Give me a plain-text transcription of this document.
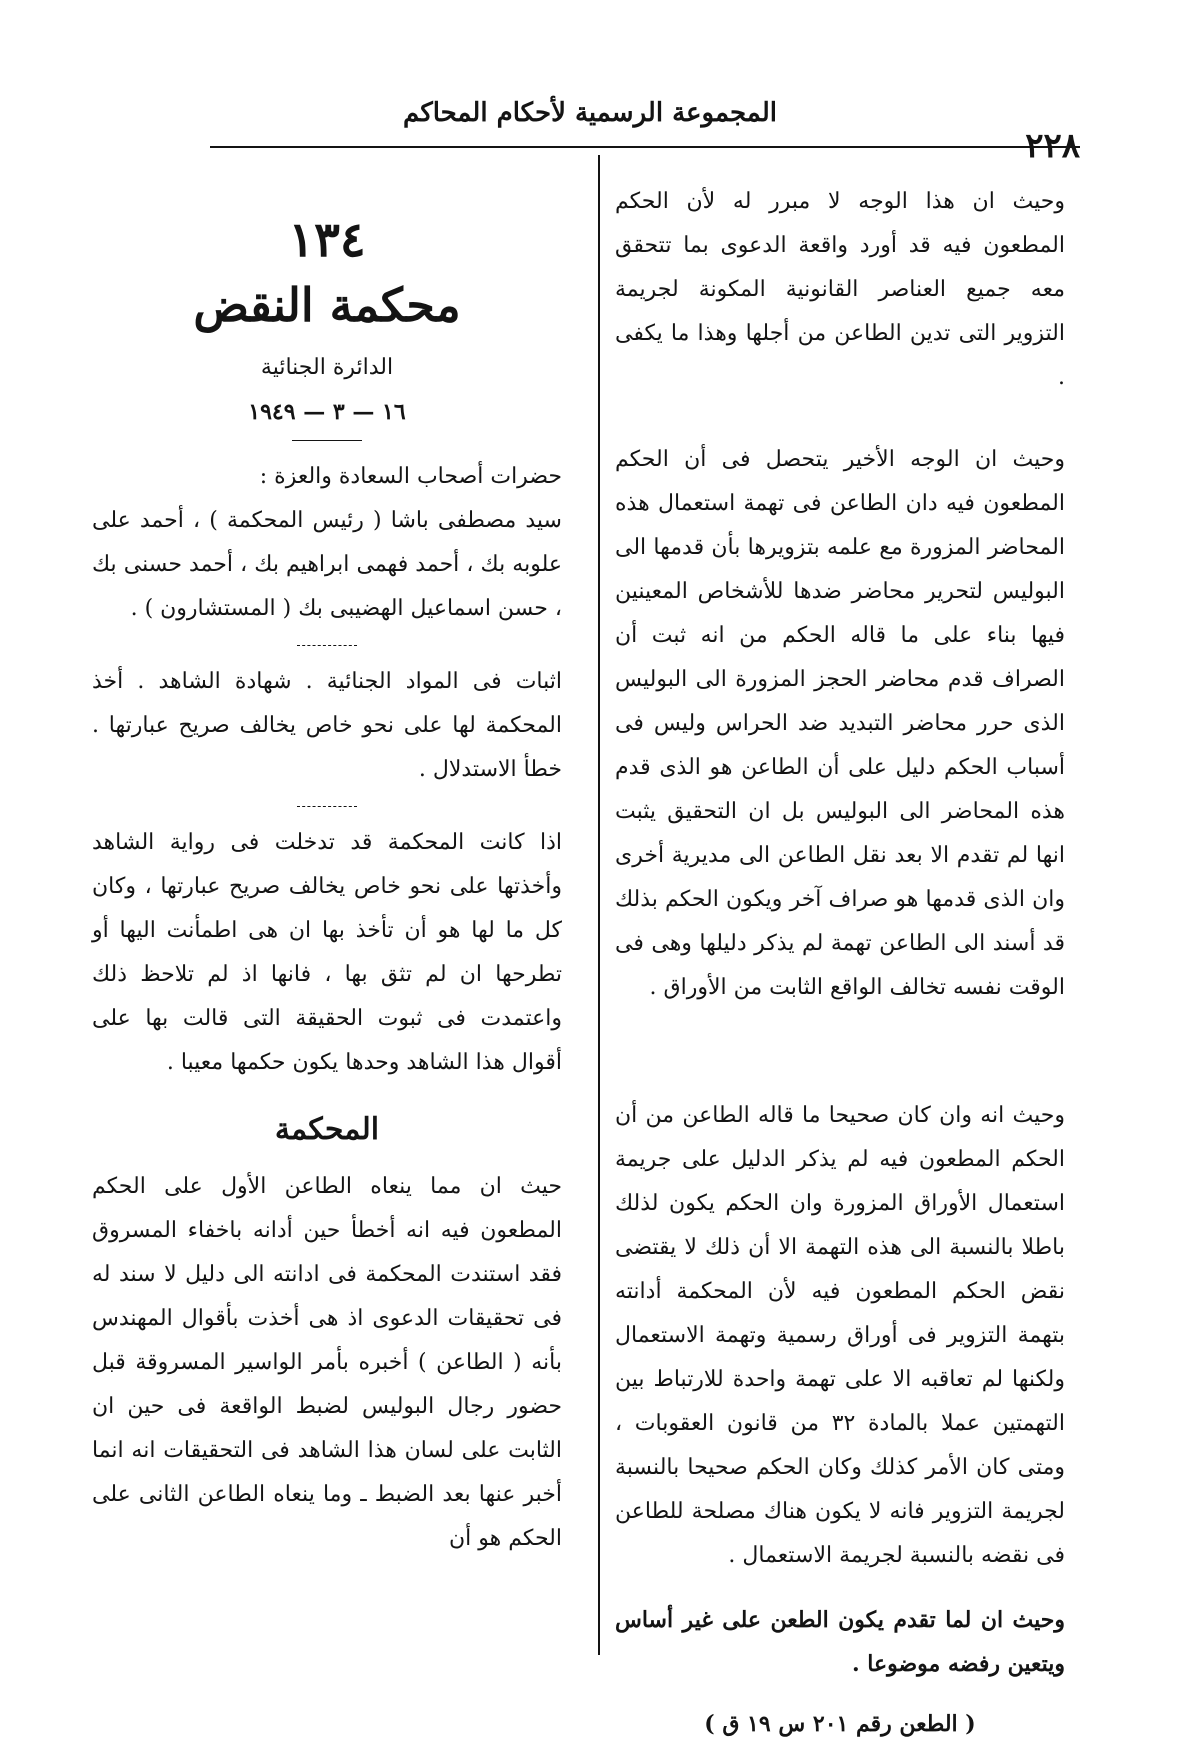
المجموعة الرسمية لأحكام المحاكم
٢٢٨

وحيث ان هذا الوجه لا مبرر له لأن الحكم المطعون فيه قد أورد واقعة الدعوى بما تتحقق معه جميع العناصر القانونية المكونة لجريمة التزوير التى تدين الطاعن من أجلها وهذا ما يكفى .

وحيث ان الوجه الأخير يتحصل فى أن الحكم المطعون فيه دان الطاعن فى تهمة استعمال هذه المحاضر المزورة مع علمه بتزويرها بأن قدمها الى البوليس لتحرير محاضر ضدها للأشخاص المعينين فيها بناء على ما قاله الحكم من انه ثبت أن الصراف قدم محاضر الحجز المزورة الى البوليس الذى حرر محاضر التبديد ضد الحراس وليس فى أسباب الحكم دليل على أن الطاعن هو الذى قدم هذه المحاضر الى البوليس بل ان التحقيق يثبت انها لم تقدم الا بعد نقل الطاعن الى مديرية أخرى وان الذى قدمها هو صراف آخر ويكون الحكم بذلك قد أسند الى الطاعن تهمة لم يذكر دليلها وهى فى الوقت نفسه تخالف الواقع الثابت من الأوراق .

وحيث انه وان كان صحيحا ما قاله الطاعن من أن الحكم المطعون فيه لم يذكر الدليل على جريمة استعمال الأوراق المزورة وان الحكم يكون لذلك باطلا بالنسبة الى هذه التهمة الا أن ذلك لا يقتضى نقض الحكم المطعون فيه لأن المحكمة أدانته بتهمة التزوير فى أوراق رسمية وتهمة الاستعمال ولكنها لم تعاقبه الا على تهمة واحدة للارتباط بين التهمتين عملا بالمادة ٣٢ من قانون العقوبات ، ومتى كان الأمر كذلك وكان الحكم صحيحا بالنسبة لجريمة التزوير فانه لا يكون هناك مصلحة للطاعن فى نقضه بالنسبة لجريمة الاستعمال .

وحيث ان لما تقدم يكون الطعن على غير أساس ويتعين رفضه موضوعا .

( الطعن رقم ٢٠١ س ١٩ ق )

١٣٤
محكمة النقض
الدائرة الجنائية
١٦ — ٣ — ١٩٤٩

حضرات أصحاب السعادة والعزة :

سيد مصطفى باشا ( رئيس المحكمة ) ، أحمد على علوبه بك ، أحمد فهمى ابراهيم بك ، أحمد حسنى بك ، حسن اسماعيل الهضيبى بك ( المستشارون ) .

اثبات فى المواد الجنائية . شهادة الشاهد . أخذ المحكمة لها على نحو خاص يخالف صريح عبارتها . خطأ الاستدلال .

اذا كانت المحكمة قد تدخلت فى رواية الشاهد وأخذتها على نحو خاص يخالف صريح عبارتها ، وكان كل ما لها هو أن تأخذ بها ان هى اطمأنت اليها أو تطرحها ان لم تثق بها ، فانها اذ لم تلاحظ ذلك واعتمدت فى ثبوت الحقيقة التى قالت بها على أقوال هذا الشاهد وحدها يكون حكمها معيبا .

المحكمة

حيث ان مما ينعاه الطاعن الأول على الحكم المطعون فيه انه أخطأ حين أدانه باخفاء المسروق فقد استندت المحكمة فى ادانته الى دليل لا سند له فى تحقيقات الدعوى اذ هى أخذت بأقوال المهندس بأنه ( الطاعن ) أخبره بأمر الواسير المسروقة قبل حضور رجال البوليس لضبط الواقعة فى حين ان الثابت على لسان هذا الشاهد فى التحقيقات انه انما أخبر عنها بعد الضبط ـ وما ينعاه الطاعن الثانى على الحكم هو أن
